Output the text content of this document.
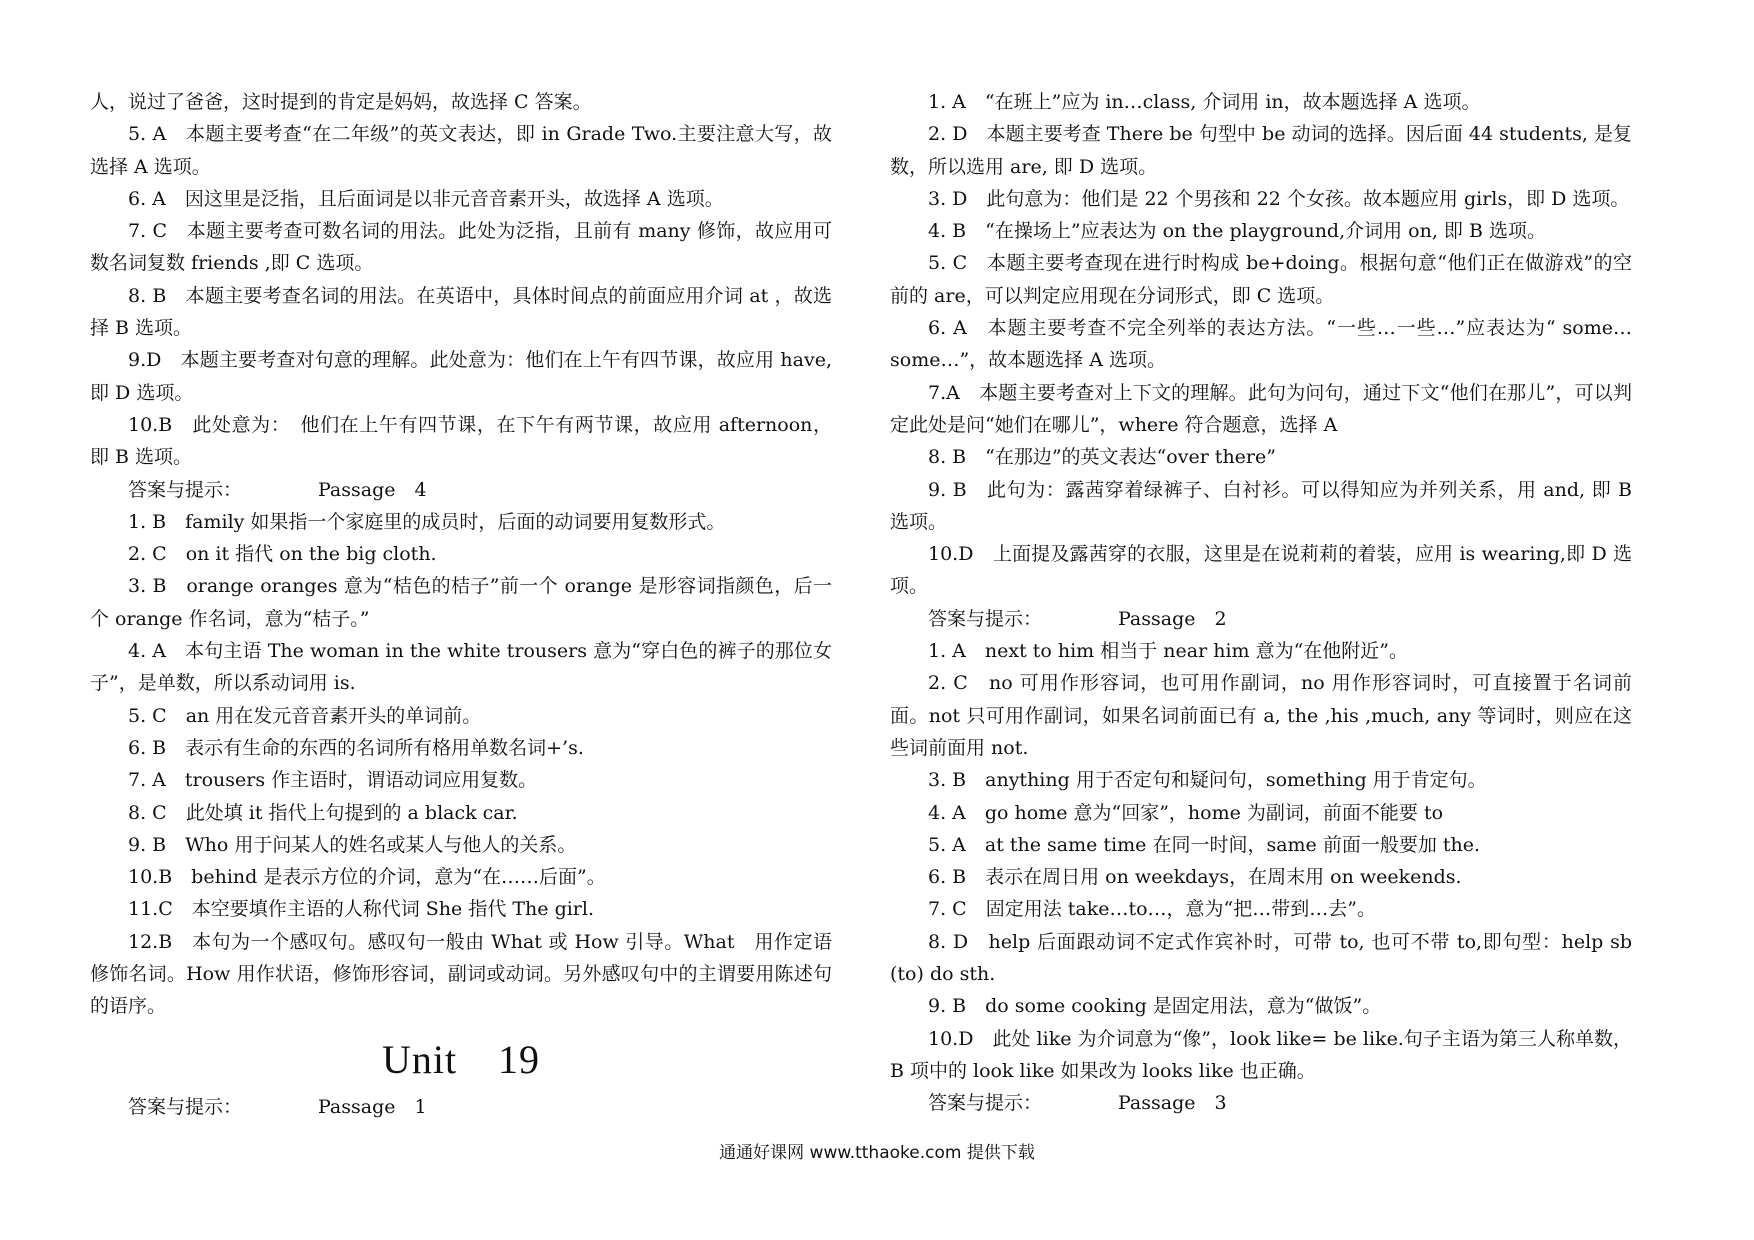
人，说过了爸爸，这时提到的肯定是妈妈，故选择 C 答案。

5. A　本题主要考查“在二年级”的英文表达，即 in Grade Two.主要注意大写，故选择 A 选项。

6. A　因这里是泛指，且后面词是以非元音音素开头，故选择 A 选项。

7. C　本题主要考查可数名词的用法。此处为泛指，且前有 many 修饰，故应用可数名词复数 friends ,即 C 选项。

8. B　本题主要考查名词的用法。在英语中，具体时间点的前面应用介词 at ，故选择 B 选项。

9.D　本题主要考查对句意的理解。此处意为：他们在上午有四节课，故应用 have,即 D 选项。

10.B　此处意为：　他们在上午有四节课，在下午有两节课，故应用 afternoon，即 B 选项。

答案与提示：	Passage　4

1. B　family 如果指一个家庭里的成员时，后面的动词要用复数形式。

2. C　on it 指代 on the big cloth.

3. B　orange oranges 意为“桔色的桔子”前一个 orange 是形容词指颜色，后一个 orange 作名词，意为“桔子。”

4. A　本句主语 The woman in the white trousers 意为“穿白色的裤子的那位女子”，是单数，所以系动词用 is.

5. C　an 用在发元音音素开头的单词前。

6. B　表示有生命的东西的名词所有格用单数名词+’s.

7. A　trousers 作主语时，谓语动词应用复数。

8. C　此处填 it 指代上句提到的 a black car.

9. B　Who 用于问某人的姓名或某人与他人的关系。

10.B　behind 是表示方位的介词，意为“在……后面”。

11.C　本空要填作主语的人称代词 She 指代 The girl.

12.B　本句为一个感叹句。感叹句一般由 What 或 How 引导。What　用作定语修饰名词。How 用作状语，修饰形容词，副词或动词。另外感叹句中的主谓要用陈述句的语序。

Unit　19

答案与提示：	Passage　1

1. A　“在班上”应为 in…class, 介词用 in，故本题选择 A 选项。

2. D　本题主要考查 There be 句型中 be 动词的选择。因后面 44 students, 是复数，所以选用 are, 即 D 选项。

3. D　此句意为：他们是 22 个男孩和 22 个女孩。故本题应用 girls，即 D 选项。

4. B　“在操场上”应表达为 on the playground,介词用 on, 即 B 选项。

5. C　本题主要考查现在进行时构成 be+doing。根据句意“他们正在做游戏”的空前的 are，可以判定应用现在分词形式，即 C 选项。

6. A　本题主要考查不完全列举的表达方法。“一些…一些…”应表达为“ some…some…”，故本题选择 A 选项。

7.A　本题主要考查对上下文的理解。此句为问句，通过下文“他们在那儿”，可以判定此处是问“她们在哪儿”，where 符合题意，选择 A

8. B　“在那边”的英文表达“over there”

9. B　此句为：露茜穿着绿裤子、白衬衫。可以得知应为并列关系，用 and, 即 B 选项。

10.D　上面提及露茜穿的衣服，这里是在说莉莉的着装，应用 is wearing,即 D 选项。

答案与提示：	Passage　2

1. A　next to him 相当于 near him 意为“在他附近”。

2. C　no 可用作形容词，也可用作副词，no 用作形容词时，可直接置于名词前面。not 只可用作副词，如果名词前面已有 a, the ,his ,much, any 等词时，则应在这些词前面用 not.

3. B　anything 用于否定句和疑问句，something 用于肯定句。

4. A　go home 意为“回家”，home 为副词，前面不能要 to

5. A　at the same time 在同一时间，same 前面一般要加 the.

6. B　表示在周日用 on weekdays，在周末用 on weekends.

7. C　固定用法 take…to…，意为“把…带到…去”。

8. D　help 后面跟动词不定式作宾补时，可带 to, 也可不带 to,即句型：help sb (to) do sth.

9. B　do some cooking 是固定用法，意为“做饭”。

10.D　此处 like 为介词意为“像”，look like= be like.句子主语为第三人称单数，B 项中的 look like 如果改为 looks like 也正确。

答案与提示：	Passage　3

通通好课网 www.tthaoke.com 提供下载
